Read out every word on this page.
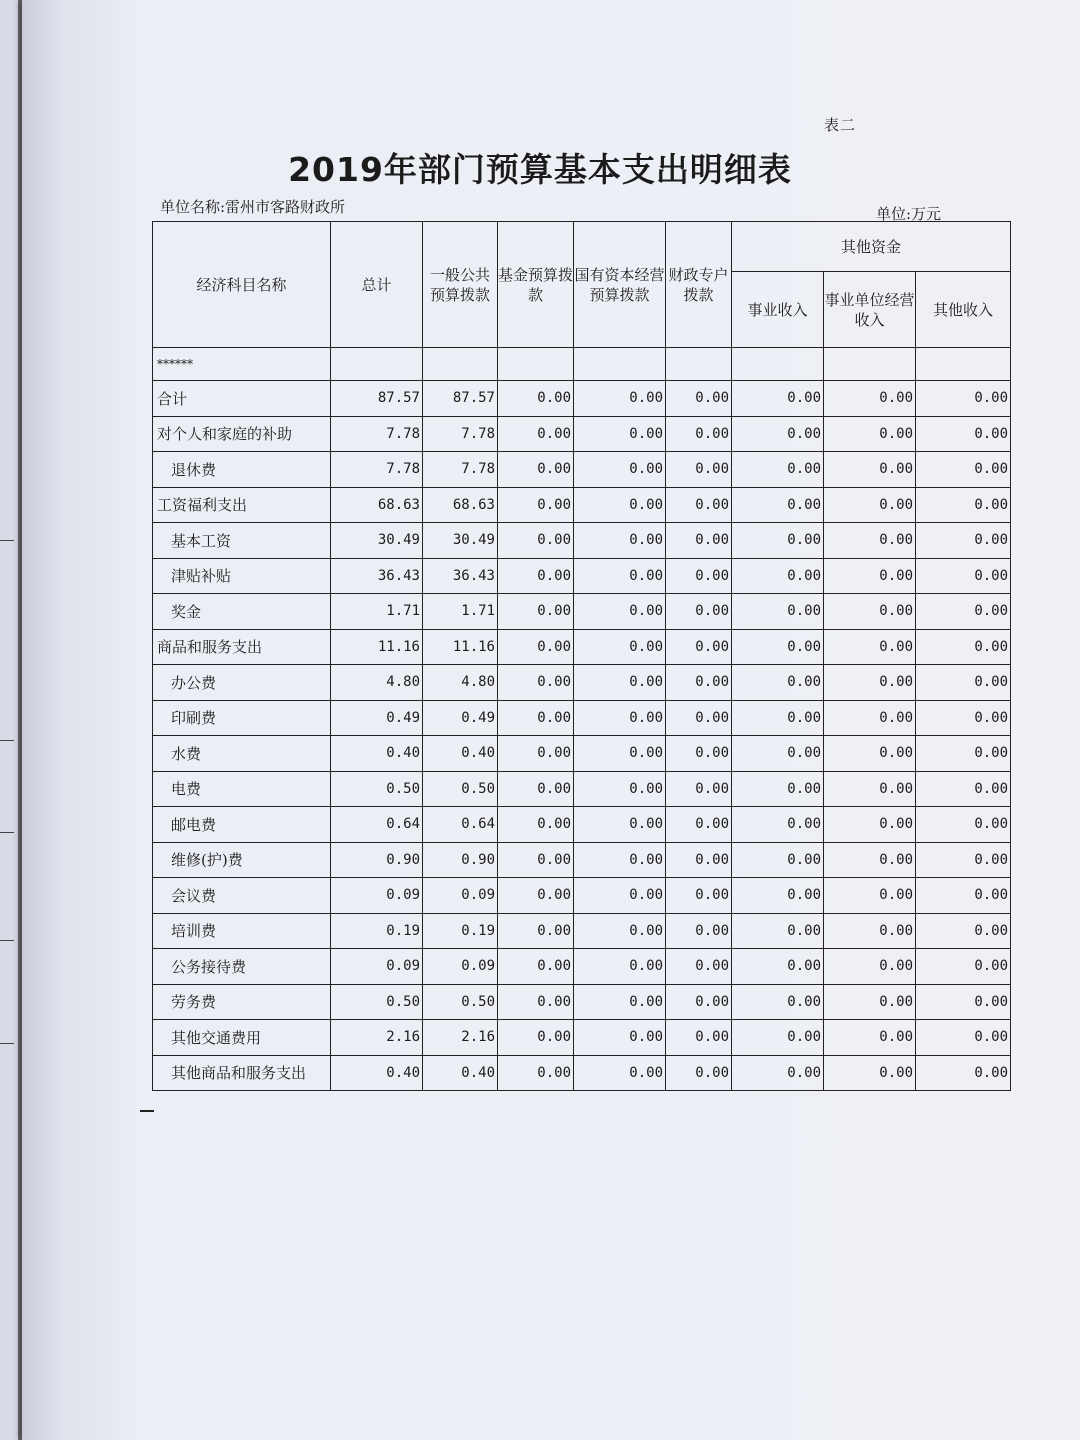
表二
2019年部门预算基本支出明细表
单位名称:雷州市客路财政所	单位:万元
经济科目名称	总计	一般公共预算拨款	基金预算拨款	国有资本经营预算拨款	财政专户拨款	其他资金		
						事业收入	事业单位经营收入	其他收入
******								
合计	87.57	87.57	0.00	0.00	0.00	0.00	0.00	0.00
对个人和家庭的补助	7.78	7.78	0.00	0.00	0.00	0.00	0.00	0.00
退休费	7.78	7.78	0.00	0.00	0.00	0.00	0.00	0.00
工资福利支出	68.63	68.63	0.00	0.00	0.00	0.00	0.00	0.00
基本工资	30.49	30.49	0.00	0.00	0.00	0.00	0.00	0.00
津贴补贴	36.43	36.43	0.00	0.00	0.00	0.00	0.00	0.00
奖金	1.71	1.71	0.00	0.00	0.00	0.00	0.00	0.00
商品和服务支出	11.16	11.16	0.00	0.00	0.00	0.00	0.00	0.00
办公费	4.80	4.80	0.00	0.00	0.00	0.00	0.00	0.00
印刷费	0.49	0.49	0.00	0.00	0.00	0.00	0.00	0.00
水费	0.40	0.40	0.00	0.00	0.00	0.00	0.00	0.00
电费	0.50	0.50	0.00	0.00	0.00	0.00	0.00	0.00
邮电费	0.64	0.64	0.00	0.00	0.00	0.00	0.00	0.00
维修(护)费	0.90	0.90	0.00	0.00	0.00	0.00	0.00	0.00
会议费	0.09	0.09	0.00	0.00	0.00	0.00	0.00	0.00
培训费	0.19	0.19	0.00	0.00	0.00	0.00	0.00	0.00
公务接待费	0.09	0.09	0.00	0.00	0.00	0.00	0.00	0.00
劳务费	0.50	0.50	0.00	0.00	0.00	0.00	0.00	0.00
其他交通费用	2.16	2.16	0.00	0.00	0.00	0.00	0.00	0.00
其他商品和服务支出	0.40	0.40	0.00	0.00	0.00	0.00	0.00	0.00
